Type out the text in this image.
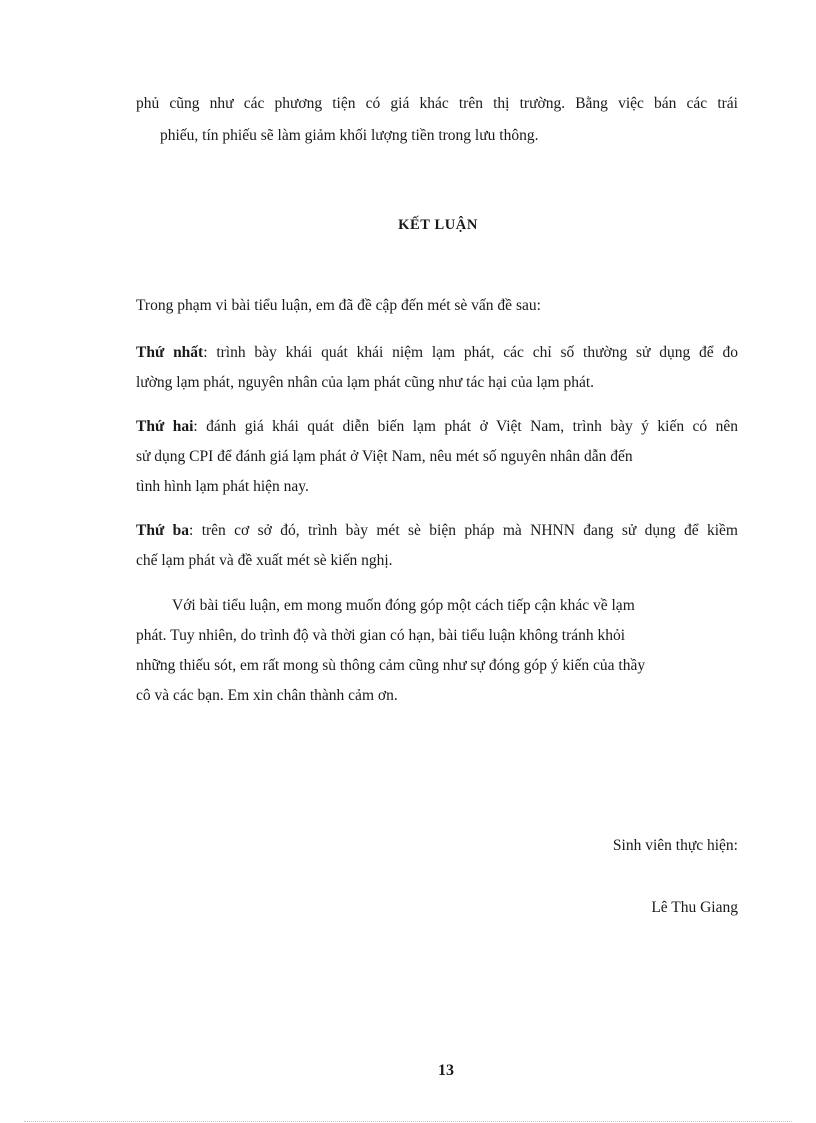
phủ cũng như các phương tiện có giá khác trên thị trường. Bằng việc bán các trái
phiếu, tín phiếu sẽ làm giảm khối lượng tiền trong lưu thông.
KẾT LUẬN
Trong phạm vi bài tiểu luận, em đã đề cập đến mét sè vấn đề sau:
Thứ nhất: trình bày khái quát khái niệm lạm phát, các chỉ số thường sử dụng để đo
lường lạm phát, nguyên nhân của lạm phát cũng như tác hại của lạm phát.
Thứ hai: đánh giá khái quát diễn biến lạm phát ở Việt Nam, trình bày ý kiến có nên
sử dụng CPI để đánh giá lạm phát ở Việt Nam, nêu mét số nguyên nhân dẫn đến
tình hình lạm phát hiện nay.
Thứ ba: trên cơ sở đó, trình bày mét sè biện pháp mà NHNN đang sử dụng để kiềm
chế lạm phát và đề xuất mét sè kiến nghị.
Với bài tiểu luận, em mong muốn đóng góp một cách tiếp cận khác về lạm
phát. Tuy nhiên, do trình độ và thời gian có hạn, bài tiểu luận không tránh khỏi
những thiếu sót, em rất mong sù thông cảm cũng như sự đóng góp ý kiến của thầy
cô và các bạn. Em xin chân thành cảm ơn.
Sinh viên thực hiện:
Lê Thu Giang
13
